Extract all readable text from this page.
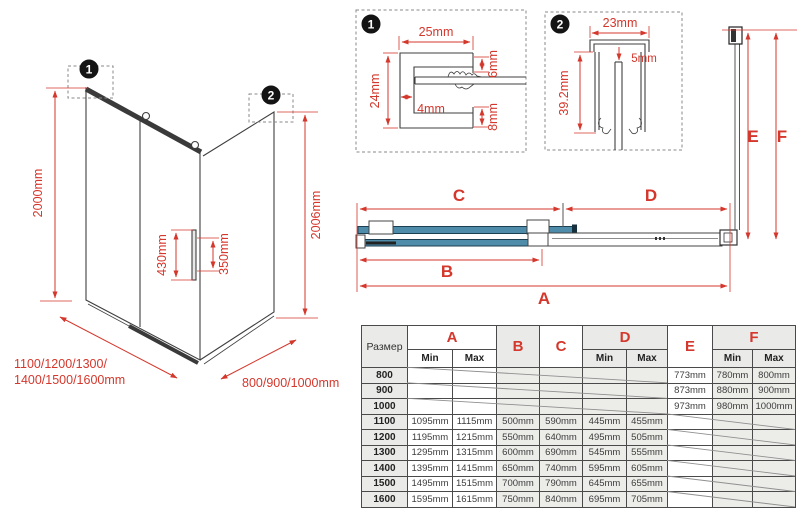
1
2
2000mm
430mm	350mm
2006mm
1100/1200/1300/
1400/1500/1600mm	800/900/1000mm
1
25mm
24mm
6mm
8mm
4mm
2	23mm
5mm
39.2mm
C	D
B
A
E F
Размер	A		B	C	D		E	F	
	Min	Max			Min	Max		Min	Max
800							773mm	780mm	800mm
900							873mm	880mm	900mm
1000							973mm	980mm	1000mm
1100	1095mm	1115mm	500mm	590mm	445mm	455mm			
1200	1195mm	1215mm	550mm	640mm	495mm	505mm			
1300	1295mm	1315mm	600mm	690mm	545mm	555mm			
1400	1395mm	1415mm	650mm	740mm	595mm	605mm			
1500	1495mm	1515mm	700mm	790mm	645mm	655mm			
1600	1595mm	1615mm	750mm	840mm	695mm	705mm			
